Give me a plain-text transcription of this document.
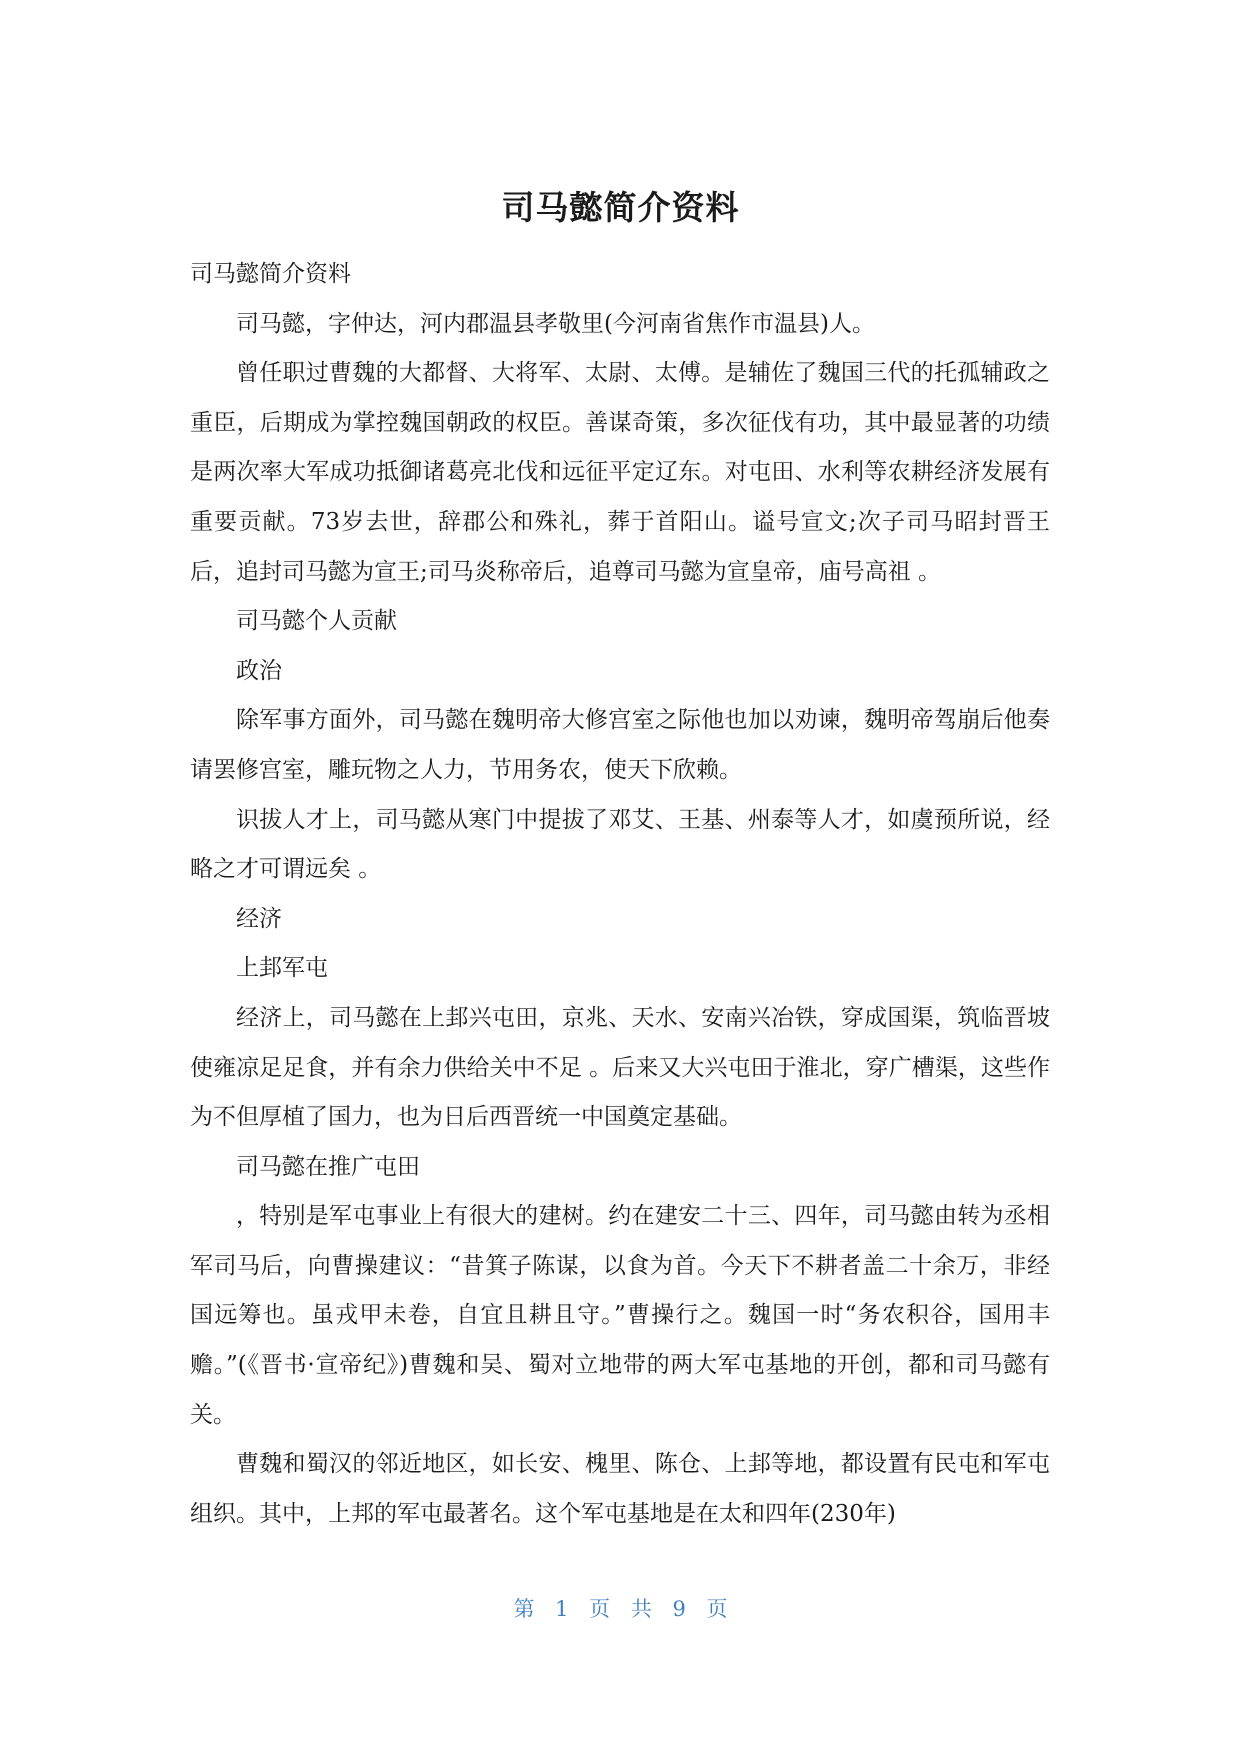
司马懿简介资料

司马懿简介资料

司马懿，字仲达，河内郡温县孝敬里(今河南省焦作市温县)人。

曾任职过曹魏的大都督、大将军、太尉、太傅。是辅佐了魏国三代的托孤辅政之重臣，后期成为掌控魏国朝政的权臣。善谋奇策，多次征伐有功，其中最显著的功绩是两次率大军成功抵御诸葛亮北伐和远征平定辽东。对屯田、水利等农耕经济发展有重要贡献。73岁去世，辞郡公和殊礼，葬于首阳山。谥号宣文;次子司马昭封晋王后，追封司马懿为宣王;司马炎称帝后，追尊司马懿为宣皇帝，庙号高祖 。

司马懿个人贡献

政治

除军事方面外，司马懿在魏明帝大修宫室之际他也加以劝谏，魏明帝驾崩后他奏请罢修宫室，雕玩物之人力，节用务农，使天下欣赖。

识拔人才上，司马懿从寒门中提拔了邓艾、王基、州泰等人才，如虞预所说，经略之才可谓远矣 。

经济

上邽军屯

经济上，司马懿在上邽兴屯田，京兆、天水、安南兴冶铁，穿成国渠，筑临晋坡使雍凉足足食，并有余力供给关中不足 。后来又大兴屯田于淮北，穿广槽渠，这些作为不但厚植了国力，也为日后西晋统一中国奠定基础。

司马懿在推广屯田

，特别是军屯事业上有很大的建树。约在建安二十三、四年，司马懿由转为丞相军司马后，向曹操建议：“昔箕子陈谋，以食为首。今天下不耕者盖二十余万，非经国远筹也。虽戎甲未卷，自宜且耕且守。”曹操行之。魏国一时“务农积谷，国用丰赡。”(《晋书·宣帝纪》)曹魏和吴、蜀对立地带的两大军屯基地的开创，都和司马懿有关。

曹魏和蜀汉的邻近地区，如长安、槐里、陈仓、上邽等地，都设置有民屯和军屯组织。其中，上邦的军屯最著名。这个军屯基地是在太和四年(230年)

第 1 页 共 9 页
